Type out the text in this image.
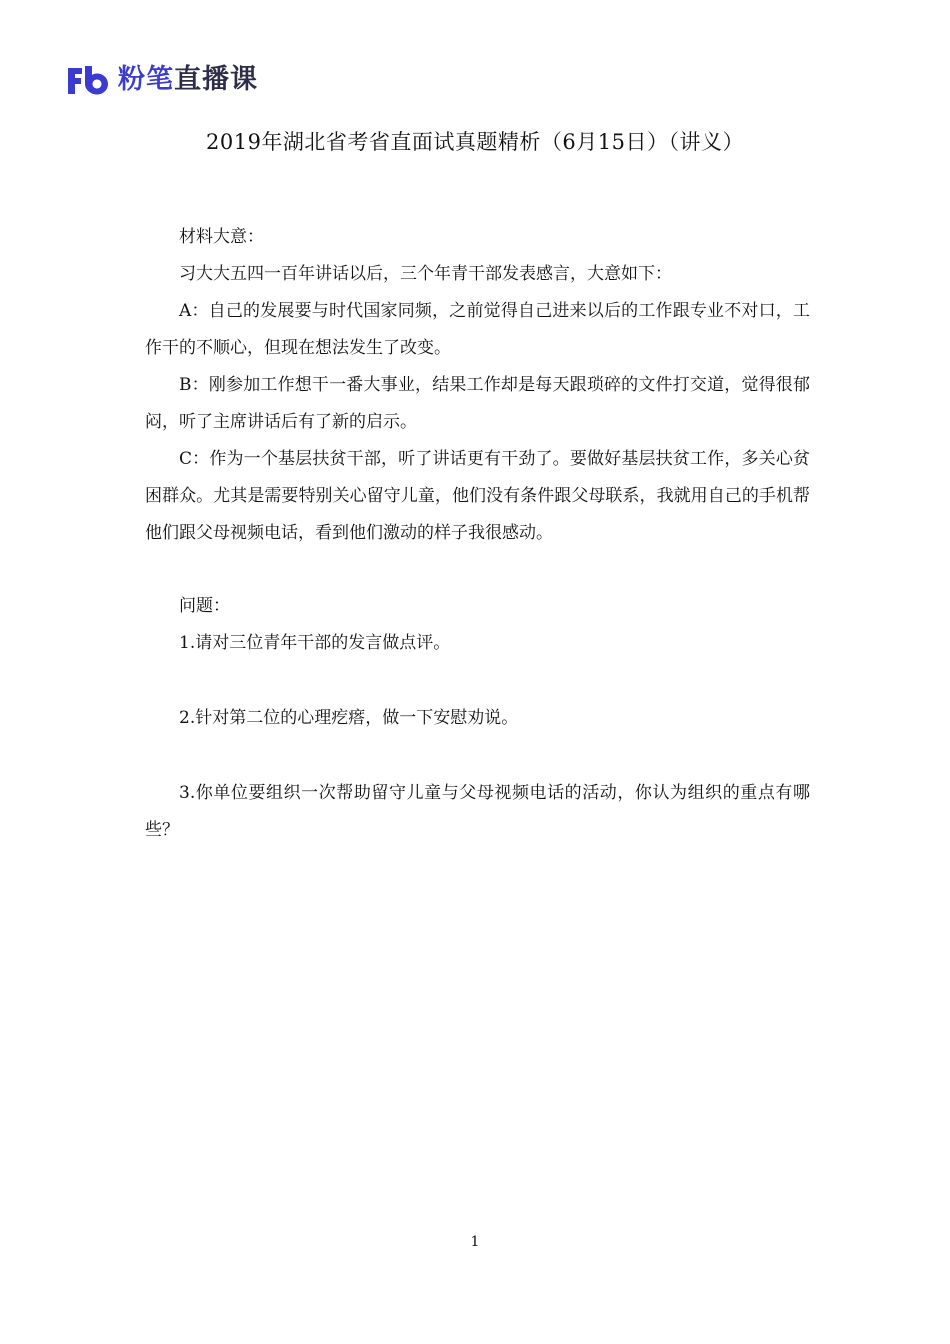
粉笔直播课
2019年湖北省考省直面试真题精析（6月15日）（讲义）

材料大意：

习大大五四一百年讲话以后，三个年青干部发表感言，大意如下：

A：自己的发展要与时代国家同频，之前觉得自己进来以后的工作跟专业不对口，工作干的不顺心，但现在想法发生了改变。

B：刚参加工作想干一番大事业，结果工作却是每天跟琐碎的文件打交道，觉得很郁闷，听了主席讲话后有了新的启示。

C：作为一个基层扶贫干部，听了讲话更有干劲了。要做好基层扶贫工作，多关心贫困群众。尤其是需要特别关心留守儿童，他们没有条件跟父母联系，我就用自己的手机帮他们跟父母视频电话，看到他们激动的样子我很感动。

问题：

1.请对三位青年干部的发言做点评。

2.针对第二位的心理疙瘩，做一下安慰劝说。

3.你单位要组织一次帮助留守儿童与父母视频电话的活动，你认为组织的重点有哪些？

1
